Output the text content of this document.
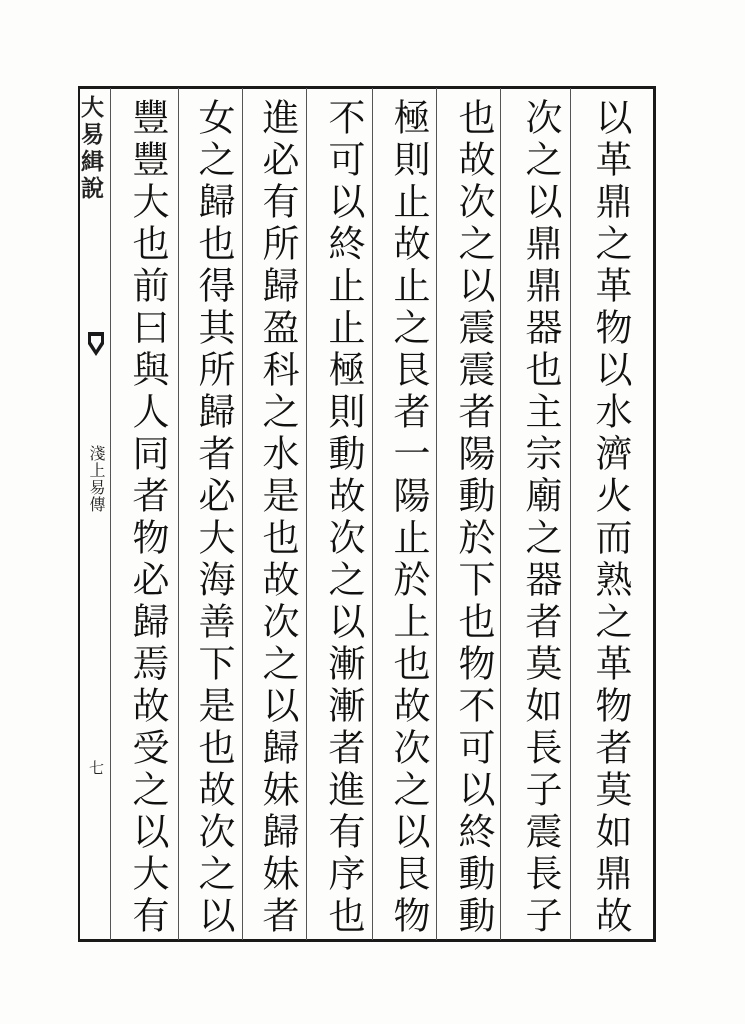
大易緝說
淺上易傳
七	以革鼎之革物以水濟火而熟之革物者莫如鼎故
次之以鼎鼎器也主宗廟之器者莫如長子震長子
也故次之以震震者陽動於下也物不可以終動動
極則止故止之艮者一陽止於上也故次之以艮物
不可以終止止極則動故次之以漸漸者進有序也
進必有所歸盈科之水是也故次之以歸妹歸妹者
女之歸也得其所歸者必大海善下是也故次之以
豐豐大也前曰與人同者物必歸焉故受之以大有
